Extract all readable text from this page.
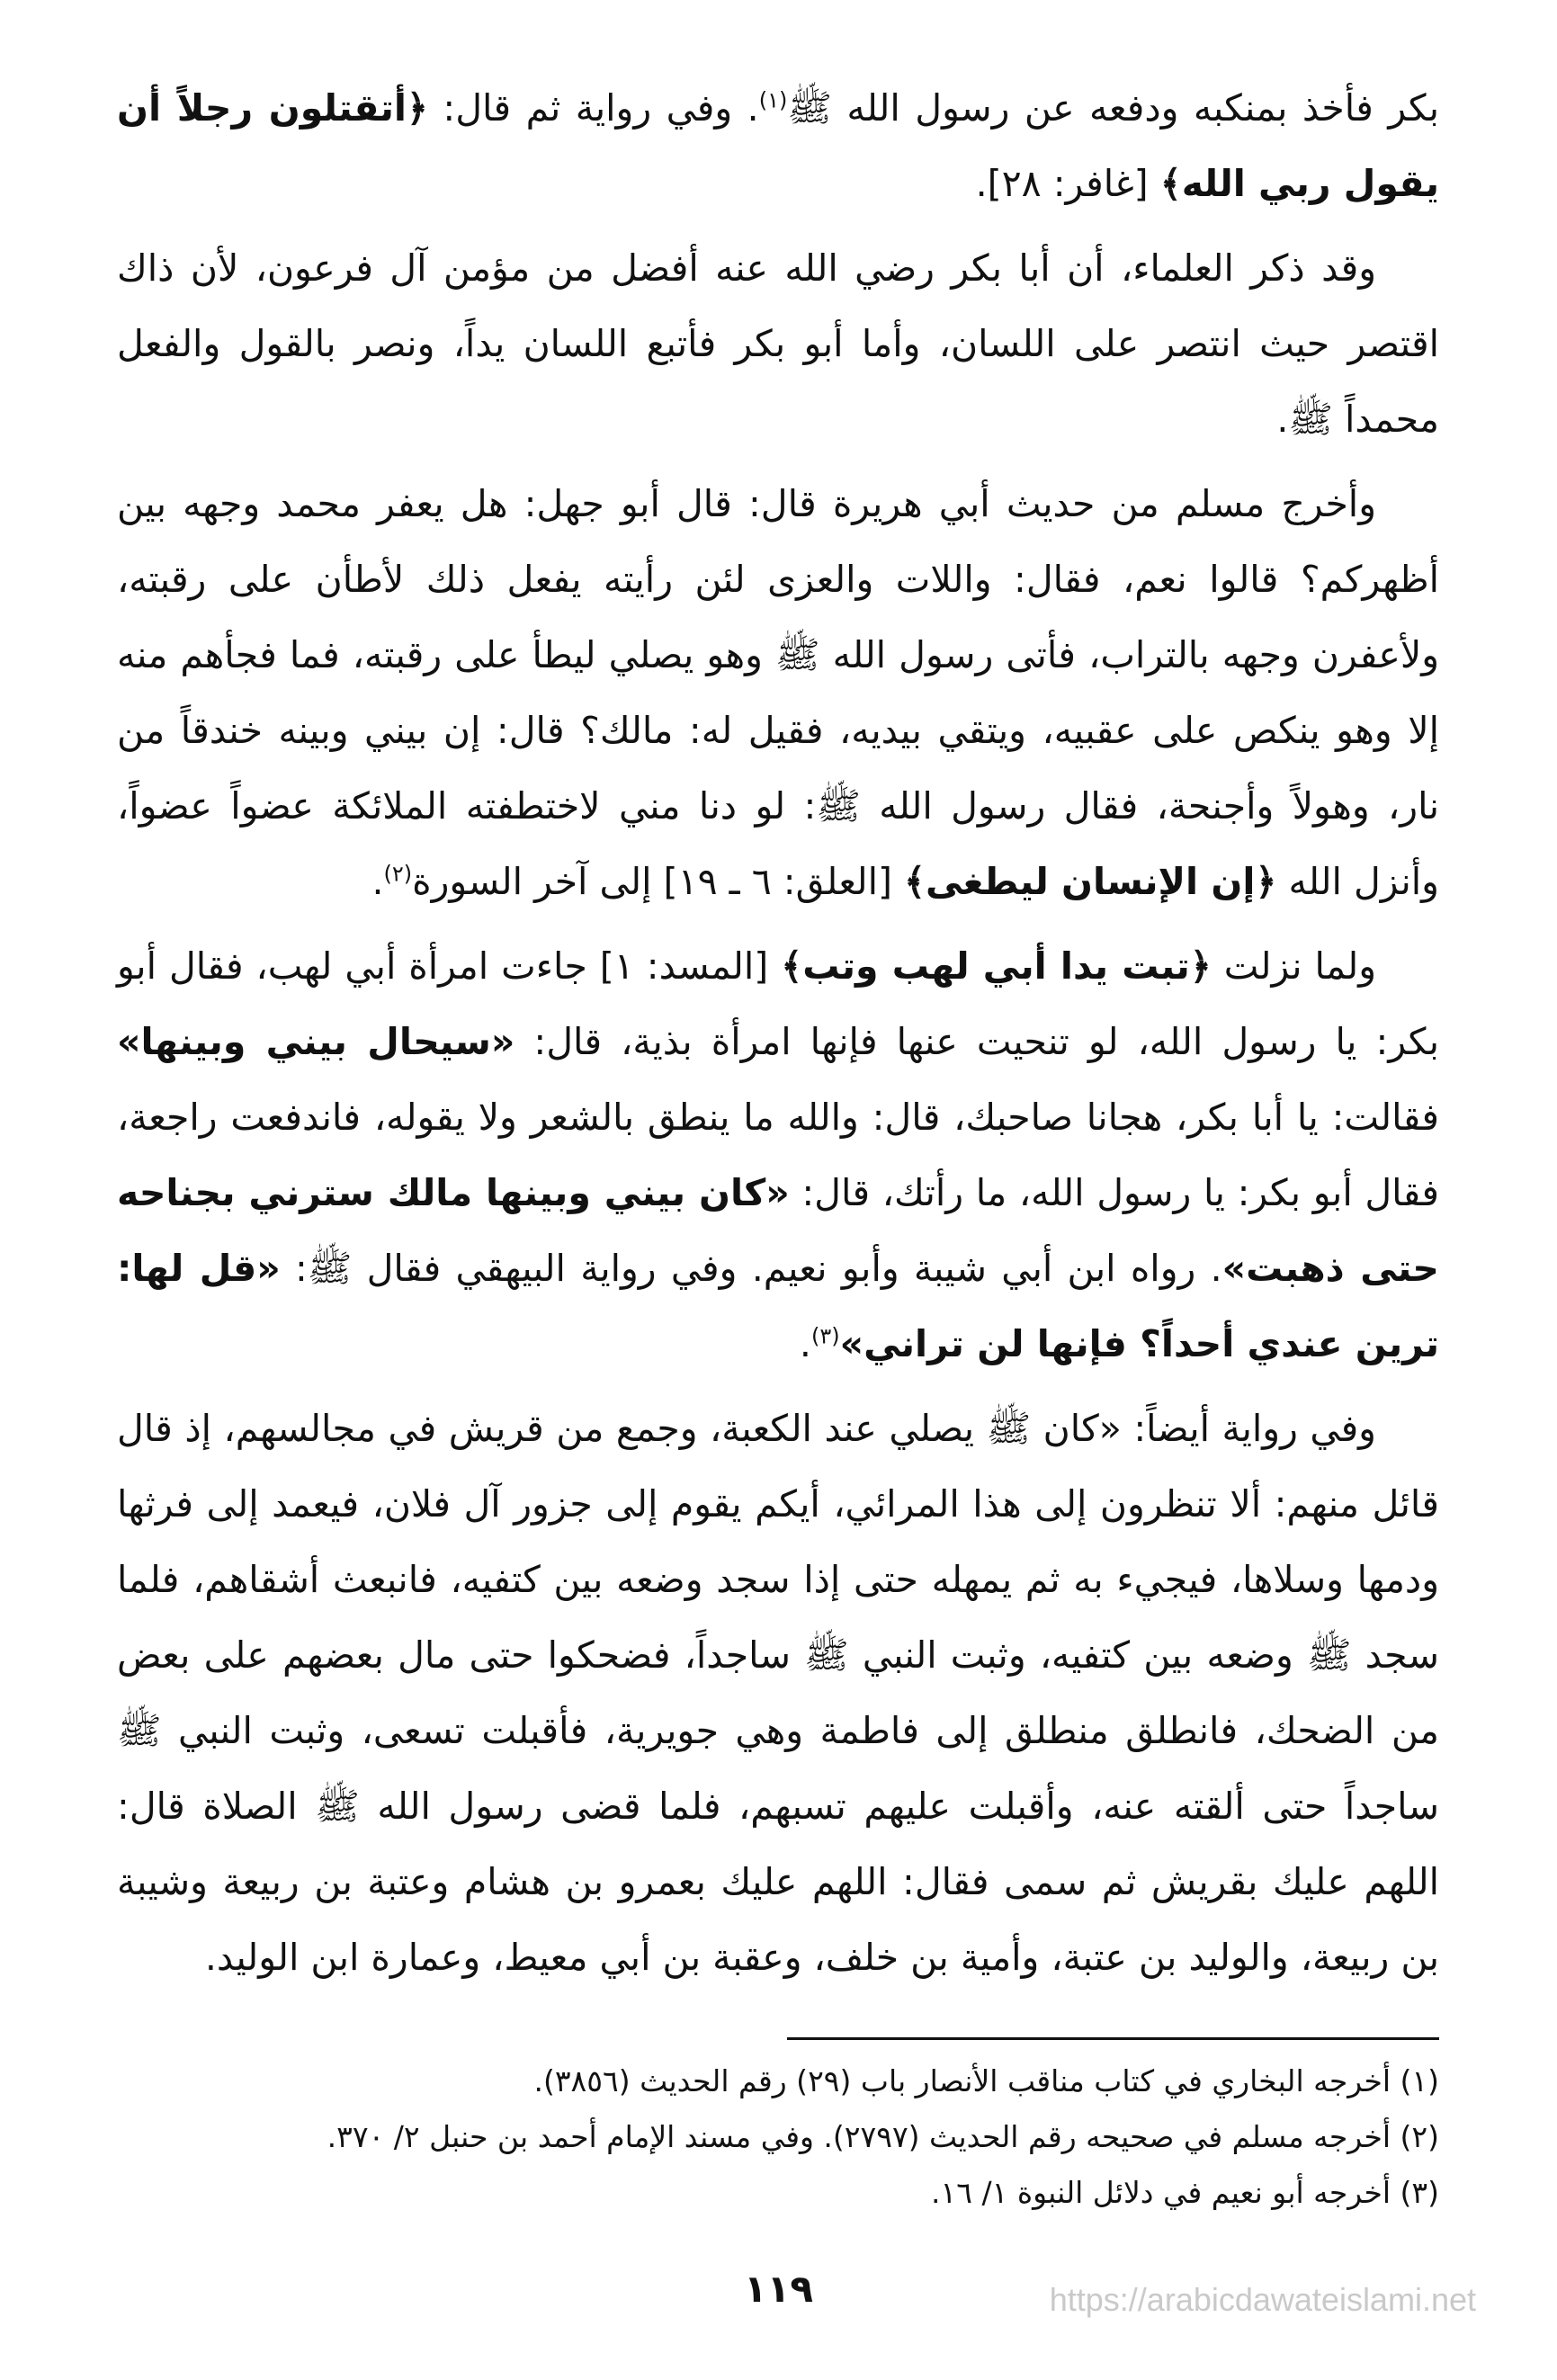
بكر فأخذ بمنكبه ودفعه عن رسول الله ﷺ$^{(١)}$. وفي رواية ثم قال: ﴿أتقتلون رجلاً أن يقول ربي الله﴾ [غافر: ٢٨].

وقد ذكر العلماء، أن أبا بكر رضي الله عنه أفضل من مؤمن آل فرعون، لأن ذاك اقتصر حيث انتصر على اللسان، وأما أبو بكر فأتبع اللسان يداً، ونصر بالقول والفعل محمداً ﷺ.

وأخرج مسلم من حديث أبي هريرة قال: قال أبو جهل: هل يعفر محمد وجهه بين أظهركم؟ قالوا نعم، فقال: واللات والعزى لئن رأيته يفعل ذلك لأطأن على رقبته، ولأعفرن وجهه بالتراب، فأتى رسول الله ﷺ وهو يصلي ليطأ على رقبته، فما فجأهم منه إلا وهو ينكص على عقبيه، ويتقي بيديه، فقيل له: مالك؟ قال: إن بيني وبينه خندقاً من نار، وهولاً وأجنحة، فقال رسول الله ﷺ: لو دنا مني لاختطفته الملائكة عضواً عضواً، وأنزل الله ﴿إن الإنسان ليطغى﴾ [العلق: ٦ ـ ١٩] إلى آخر السورة$^{(٢)}$.

ولما نزلت ﴿تبت يدا أبي لهب وتب﴾ [المسد: ١] جاءت امرأة أبي لهب، فقال أبو بكر: يا رسول الله، لو تنحيت عنها فإنها امرأة بذية، قال: «سيحال بيني وبينها» فقالت: يا أبا بكر، هجانا صاحبك، قال: والله ما ينطق بالشعر ولا يقوله، فاندفعت راجعة، فقال أبو بكر: يا رسول الله، ما رأتك، قال: «كان بيني وبينها مالك سترني بجناحه حتى ذهبت». رواه ابن أبي شيبة وأبو نعيم. وفي رواية البيهقي فقال ﷺ: «قل لها: ترين عندي أحداً؟ فإنها لن تراني»$^{(٣)}$.

وفي رواية أيضاً: «كان ﷺ يصلي عند الكعبة، وجمع من قريش في مجالسهم، إذ قال قائل منهم: ألا تنظرون إلى هذا المرائي، أيكم يقوم إلى جزور آل فلان، فيعمد إلى فرثها ودمها وسلاها، فيجيء به ثم يمهله حتى إذا سجد وضعه بين كتفيه، فانبعث أشقاهم، فلما سجد ﷺ وضعه بين كتفيه، وثبت النبي ﷺ ساجداً، فضحكوا حتى مال بعضهم على بعض من الضحك، فانطلق منطلق إلى فاطمة وهي جويرية، فأقبلت تسعى، وثبت النبي ﷺ ساجداً حتى ألقته عنه، وأقبلت عليهم تسبهم، فلما قضى رسول الله ﷺ الصلاة قال: اللهم عليك بقريش ثم سمى فقال: اللهم عليك بعمرو بن هشام وعتبة بن ربيعة وشيبة بن ربيعة، والوليد بن عتبة، وأمية بن خلف، وعقبة بن أبي معيط، وعمارة ابن الوليد.

(١) أخرجه البخاري في كتاب مناقب الأنصار باب (٢٩) رقم الحديث (٣٨٥٦).

(٢) أخرجه مسلم في صحيحه رقم الحديث (٢٧٩٧). وفي مسند الإمام أحمد بن حنبل ٢/ ٣٧٠.

(٣) أخرجه أبو نعيم في دلائل النبوة ١/ ١٦.

١١٩	https://arabicdawateislami.net
